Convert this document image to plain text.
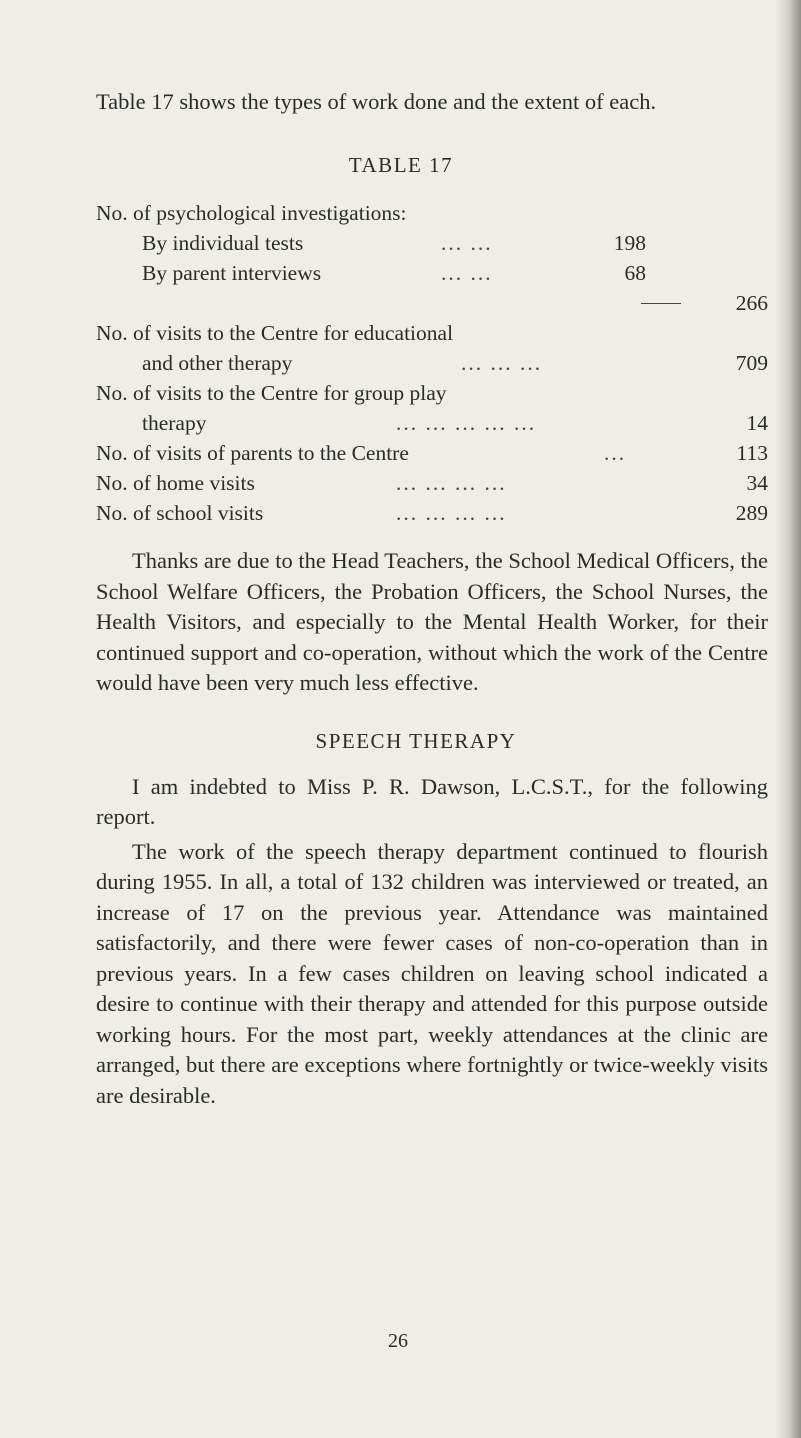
Table 17 shows the types of work done and the extent of each.

TABLE 17
No. of psychological investigations:
By individual tests	... ...	198
By parent interviews	... ...	68
266
No. of visits to the Centre for educational
and other therapy	... ... ...	709
No. of visits to the Centre for group play
therapy	... ... ... ... ...	14
No. of visits of parents to the Centre	...	113
No. of home visits	... ... ... ...	34
No. of school visits	... ... ... ...	289

Thanks are due to the Head Teachers, the School Medical Officers, the School Welfare Officers, the Probation Officers, the School Nurses, the Health Visitors, and especially to the Mental Health Worker, for their continued support and co-operation, without which the work of the Centre would have been very much less effective.

SPEECH THERAPY

I am indebted to Miss P. R. Dawson, L.C.S.T., for the following report.

The work of the speech therapy department continued to flourish during 1955. In all, a total of 132 children was interviewed or treated, an increase of 17 on the previous year. Attendance was maintained satisfactorily, and there were fewer cases of non-co-operation than in previous years. In a few cases children on leaving school indicated a desire to continue with their therapy and attended for this purpose outside working hours. For the most part, weekly attendances at the clinic are arranged, but there are exceptions where fortnightly or twice-weekly visits are desirable.

26
